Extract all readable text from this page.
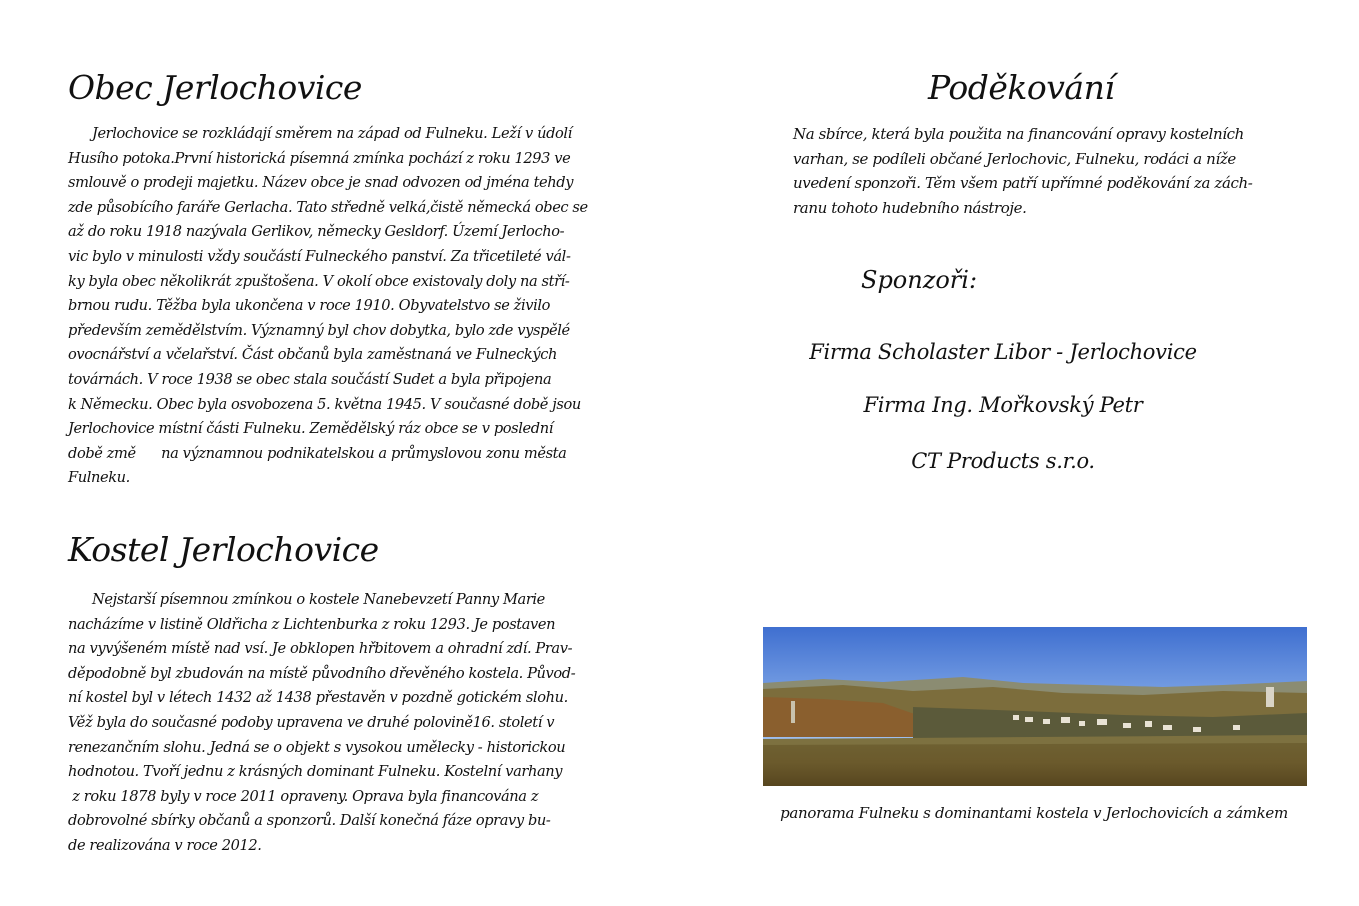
Obec Jerlochovice
Jerlochovice se rozkládají směrem na západ od Fulneku. Leží v údolí
Husího potoka.První historická písemná zmínka pochází z roku 1293 ve
smlouvě o prodeji majetku. Název obce je snad odvozen od jména tehdy
zde působícího faráře Gerlacha. Tato středně velká,čistě německá obec se
až do roku 1918 nazývala Gerlikov, německy Gesldorf. Území Jerlocho-
vic bylo v minulosti vždy součástí Fulneckého panství. Za třicetileté vál-
ky byla obec několikrát zpuštošena. V okolí obce existovaly doly na stří-
brnou rudu. Těžba byla ukončena v roce 1910. Obyvatelstvo se živilo
především zemědělstvím. Významný byl chov dobytka, bylo zde vyspělé
ovocnářství a včelařství. Část občanů byla zaměstnaná ve Fulneckých
továrnách. V roce 1938 se obec stala součástí Sudet a byla připojena
k Německu. Obec byla osvobozena 5. května 1945. V současné době jsou
Jerlochovice místní části Fulneku. Zemědělský ráz obce se v poslední
době změ      na významnou podnikatelskou a průmyslovou zonu města
Fulneku.
Kostel Jerlochovice
Nejstarší písemnou zmínkou o kostele Nanebevzetí Panny Marie
nacházíme v listině Oldřicha z Lichtenburka z roku 1293. Je postaven
na vyvýšeném místě nad vsí. Je obklopen hřbitovem a ohradní zdí. Prav-
děpodobně byl zbudován na místě původního dřevěného kostela. Původ-
ní kostel byl v létech 1432 až 1438 přestavěn v pozdně gotickém slohu.
Věž byla do současné podoby upravena ve druhé polovině16. století v
renezančním slohu. Jedná se o objekt s vysokou umělecky - historickou
hodnotou. Tvoří jednu z krásných dominant Fulneku. Kostelní varhany
z roku 1878 byly v roce 2011 opraveny. Oprava byla financována z
dobrovolné sbírky občanů a sponzorů. Další konečná fáze opravy bu-
de realizována v roce 2012.
Poděkování
Na sbírce, která byla použita na financování opravy kostelních
varhan, se podíleli občané Jerlochovic, Fulneku, rodáci a níže
uvedení sponzoři. Těm všem patří upřímné poděkování za zách-
ranu tohoto hudebního nástroje.
Sponzoři:
Firma Scholaster Libor - Jerlochovice
Firma Ing. Mořkovský Petr
CT Products s.r.o.
panorama Fulneku s dominantami kostela v Jerlochovicích a zámkem
